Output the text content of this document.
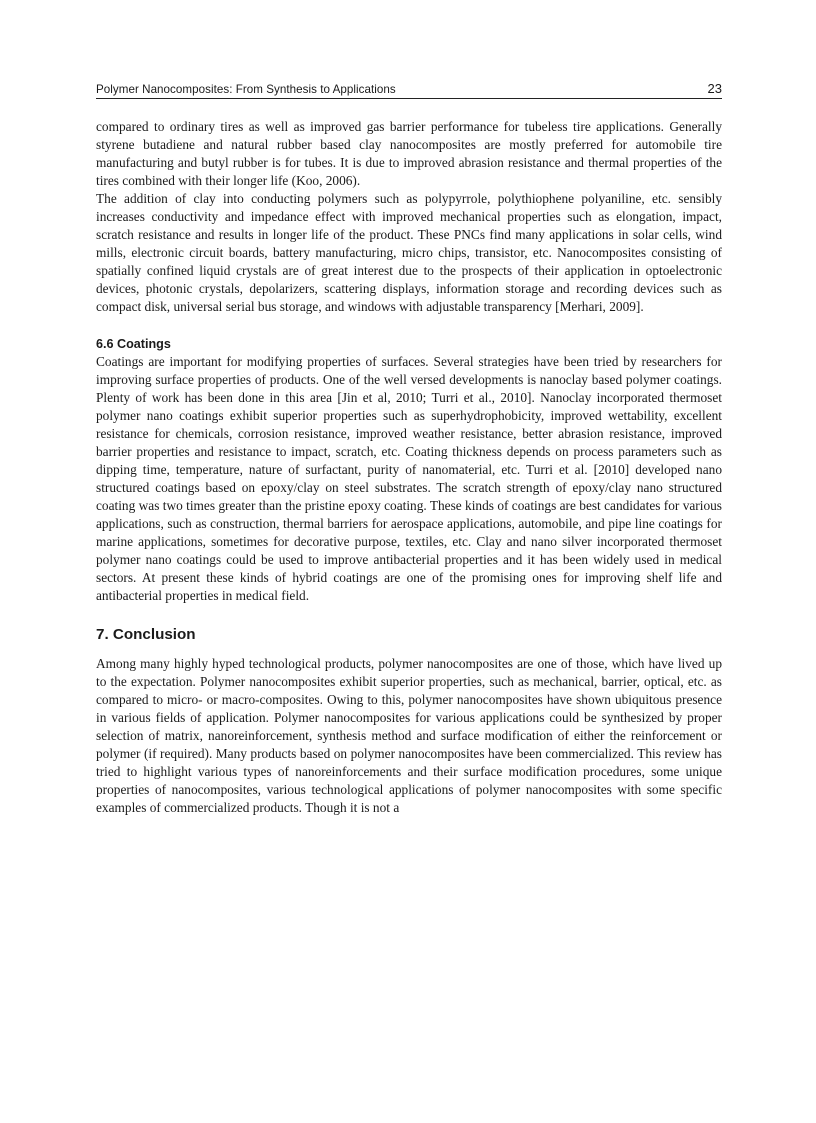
Polymer Nanocomposites: From Synthesis to Applications	23

compared to ordinary tires as well as improved gas barrier performance for tubeless tire applications. Generally styrene butadiene and natural rubber based clay nanocomposites are mostly preferred for automobile tire manufacturing and butyl rubber is for tubes. It is due to improved abrasion resistance and thermal properties of the tires combined with their longer life (Koo, 2006).

The addition of clay into conducting polymers such as polypyrrole, polythiophene polyaniline, etc. sensibly increases conductivity and impedance effect with improved mechanical properties such as elongation, impact, scratch resistance and results in longer life of the product. These PNCs find many applications in solar cells, wind mills, electronic circuit boards, battery manufacturing, micro chips, transistor, etc. Nanocomposites consisting of spatially confined liquid crystals are of great interest due to the prospects of their application in optoelectronic devices, photonic crystals, depolarizers, scattering displays, information storage and recording devices such as compact disk, universal serial bus storage, and windows with adjustable transparency [Merhari, 2009].

6.6 Coatings

Coatings are important for modifying properties of surfaces. Several strategies have been tried by researchers for improving surface properties of products. One of the well versed developments is nanoclay based polymer coatings. Plenty of work has been done in this area [Jin et al, 2010; Turri et al., 2010]. Nanoclay incorporated thermoset polymer nano coatings exhibit superior properties such as superhydrophobicity, improved wettability, excellent resistance for chemicals, corrosion resistance, improved weather resistance, better abrasion resistance, improved barrier properties and resistance to impact, scratch, etc. Coating thickness depends on process parameters such as dipping time, temperature, nature of surfactant, purity of nanomaterial, etc. Turri et al. [2010] developed nano structured coatings based on epoxy/clay on steel substrates. The scratch strength of epoxy/clay nano structured coating was two times greater than the pristine epoxy coating. These kinds of coatings are best candidates for various applications, such as construction, thermal barriers for aerospace applications, automobile, and pipe line coatings for marine applications, sometimes for decorative purpose, textiles, etc. Clay and nano silver incorporated thermoset polymer nano coatings could be used to improve antibacterial properties and it has been widely used in medical sectors. At present these kinds of hybrid coatings are one of the promising ones for improving shelf life and antibacterial properties in medical field.

7. Conclusion

Among many highly hyped technological products, polymer nanocomposites are one of those, which have lived up to the expectation. Polymer nanocomposites exhibit superior properties, such as mechanical, barrier, optical, etc. as compared to micro- or macro-composites. Owing to this, polymer nanocomposites have shown ubiquitous presence in various fields of application. Polymer nanocomposites for various applications could be synthesized by proper selection of matrix, nanoreinforcement, synthesis method and surface modification of either the reinforcement or polymer (if required). Many products based on polymer nanocomposites have been commercialized. This review has tried to highlight various types of nanoreinforcements and their surface modification procedures, some unique properties of nanocomposites, various technological applications of polymer nanocomposites with some specific examples of commercialized products. Though it is not a
